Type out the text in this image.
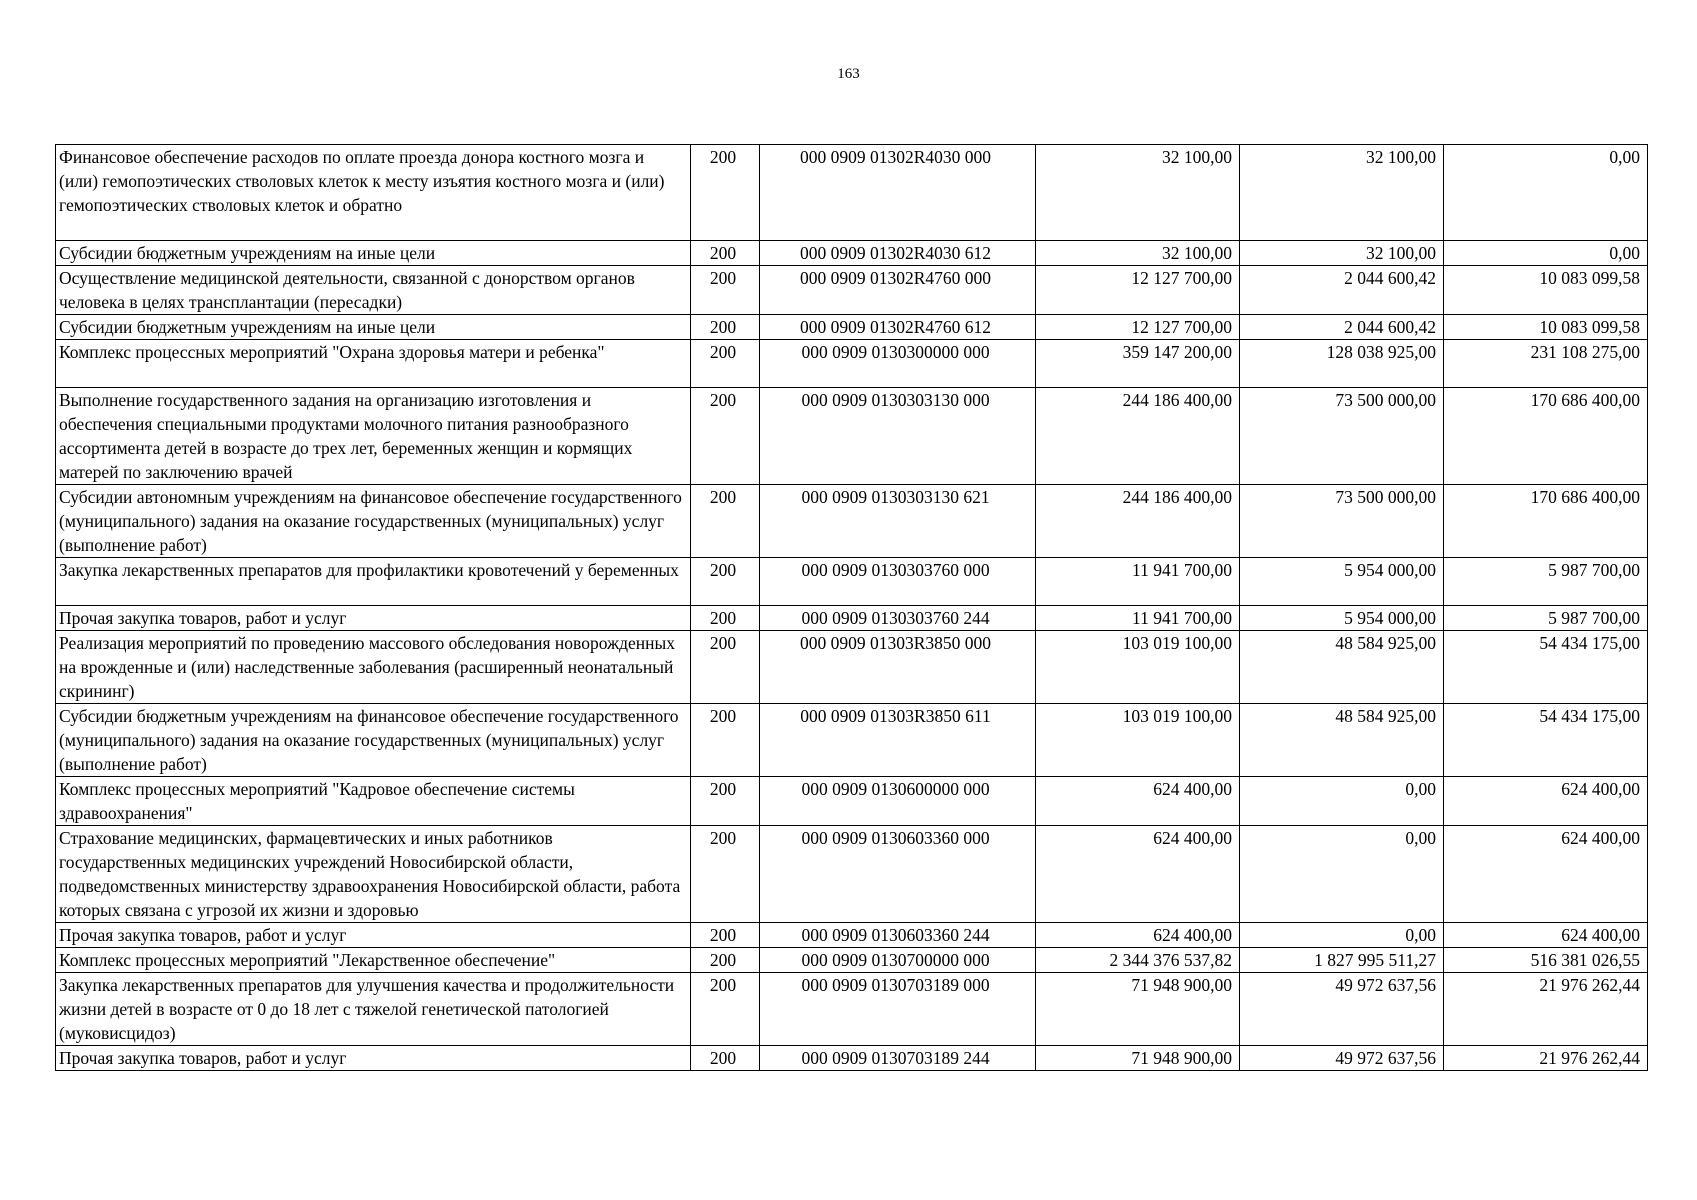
163
Финансовое обеспечение расходов по оплате проезда донора костного мозга и (или) гемопоэтических стволовых клеток к месту изъятия костного мозга и (или) гемопоэтических стволовых клеток и обратно	200	000 0909 01302R4030 000	32 100,00	32 100,00	0,00
Субсидии бюджетным учреждениям на иные цели	200	000 0909 01302R4030 612	32 100,00	32 100,00	0,00
Осуществление медицинской деятельности, связанной с донорством органов человека в целях трансплантации (пересадки)	200	000 0909 01302R4760 000	12 127 700,00	2 044 600,42	10 083 099,58
Субсидии бюджетным учреждениям на иные цели	200	000 0909 01302R4760 612	12 127 700,00	2 044 600,42	10 083 099,58
Комплекс процессных мероприятий "Охрана здоровья матери и ребенка"	200	000 0909 0130300000 000	359 147 200,00	128 038 925,00	231 108 275,00
Выполнение государственного задания на организацию изготовления и обеспечения специальными продуктами молочного питания разнообразного ассортимента детей в возрасте до трех лет, беременных женщин и кормящих матерей по заключению врачей	200	000 0909 0130303130 000	244 186 400,00	73 500 000,00	170 686 400,00
Субсидии автономным учреждениям на финансовое обеспечение государственного (муниципального) задания на оказание государственных (муниципальных) услуг (выполнение работ)	200	000 0909 0130303130 621	244 186 400,00	73 500 000,00	170 686 400,00
Закупка лекарственных препаратов для профилактики кровотечений у беременных	200	000 0909 0130303760 000	11 941 700,00	5 954 000,00	5 987 700,00
Прочая закупка товаров, работ и услуг	200	000 0909 0130303760 244	11 941 700,00	5 954 000,00	5 987 700,00
Реализация мероприятий по проведению массового обследования новорожденных на врожденные и (или) наследственные заболевания (расширенный неонатальный скрининг)	200	000 0909 01303R3850 000	103 019 100,00	48 584 925,00	54 434 175,00
Субсидии бюджетным учреждениям на финансовое обеспечение государственного (муниципального) задания на оказание государственных (муниципальных) услуг (выполнение работ)	200	000 0909 01303R3850 611	103 019 100,00	48 584 925,00	54 434 175,00
Комплекс процессных мероприятий "Кадровое обеспечение системы здравоохранения"	200	000 0909 0130600000 000	624 400,00	0,00	624 400,00
Страхование медицинских, фармацевтических и иных работников государственных медицинских учреждений Новосибирской области, подведомственных министерству здравоохранения Новосибирской области, работа которых связана с угрозой их жизни и здоровью	200	000 0909 0130603360 000	624 400,00	0,00	624 400,00
Прочая закупка товаров, работ и услуг	200	000 0909 0130603360 244	624 400,00	0,00	624 400,00
Комплекс процессных мероприятий "Лекарственное обеспечение"	200	000 0909 0130700000 000	2 344 376 537,82	1 827 995 511,27	516 381 026,55
Закупка лекарственных препаратов для улучшения качества и продолжительности жизни детей в возрасте от 0 до 18 лет с тяжелой генетической патологией (муковисцидоз)	200	000 0909 0130703189 000	71 948 900,00	49 972 637,56	21 976 262,44
Прочая закупка товаров, работ и услуг	200	000 0909 0130703189 244	71 948 900,00	49 972 637,56	21 976 262,44
